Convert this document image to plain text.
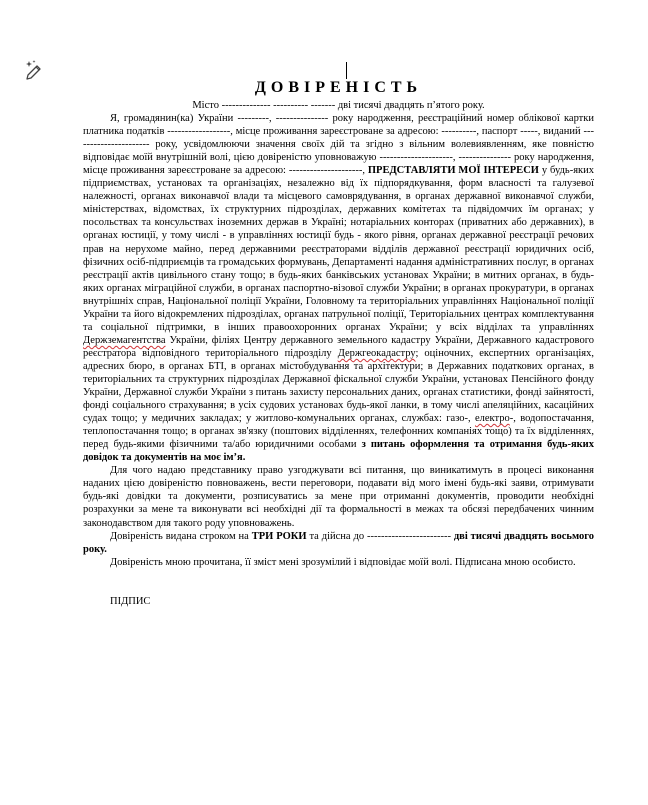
ДОВІРЕНІСТЬ
Місто -------------- ---------- ------- дві тисячі двадцять п’ятого року.

Я, громадянин(ка) України ---------, --------------- року народження, реєстраційний номер облікової картки платника податків ------------------, місце проживання зареєстроване за адресою: ----------, паспорт -----, виданий ---------------------- року, усвідомлюючи значення своїх дій та згідно з вільним волевиявленням, яке повністю відповідає моїй внутрішній волі, цією довіреністю уповноважую ---------------------, --------------- року народження, місце проживання зареєстроване за адресою: ---------------------, ПРЕДСТАВЛЯТИ МОЇ ІНТЕРЕСИ у будь-яких підприємствах, установах та організаціях, незалежно від їх підпорядкування, форм власності та галузевої належності, органах виконавчої влади та місцевого самоврядування, в органах державної виконавчої служби, міністерствах, відомствах, їх структурних підрозділах, державних комітетах та підвідомчих їм органах; у посольствах та консульствах іноземних держав в Україні; нотаріальних конторах (приватних або державних), в органах юстиції, у тому числі - в управліннях юстиції будь - якого рівня, органах державної реєстрації речових прав на нерухоме майно, перед державними реєстраторами відділів державної реєстрації юридичних осіб, фізичних осіб-підприємців та громадських формувань, Департаменті надання адміністративних послуг, в органах реєстрації актів цивільного стану тощо; в будь-яких банківських установах України; в митних органах, в будь-яких органах міграційної служби, в органах паспортно-візової служби України; в органах прокуратури, в органах внутрішніх справ, Національної поліції України, Головному та територіальних управліннях Національної поліції України та його відокремлених підрозділах, органах патрульної поліції, Територіальних центрах комплектування та соціальної підтримки, в інших правоохоронних органах України; у всіх відділах та управліннях Держземагентства України, філіях Центру державного земельного кадастру України, Державного кадастрового реєстратора відповідного територіального підрозділу Держгеокадастру; оціночних, експертних організаціях, адресних бюро, в органах БТІ, в органах містобудування та архітектури; в Державних податкових органах, в територіальних та структурних підрозділах Державної фіскальної служби України, установах Пенсійного фонду України, Державної служби України з питань захисту персональних даних, органах статистики, фонді зайнятості, фонді соціального страхування; в усіх судових установах будь-якої ланки, в тому числі апеляційних, касаційних судах тощо; у медичних закладах; у житлово-комунальних органах, службах: газо-, електро-, водопостачання, теплопостачання тощо; в органах зв'язку (поштових відділеннях, телефонних компаніях тощо) та їх відділеннях, перед будь-якими фізичними та/або юридичними особами з питань оформлення та отримання будь-яких довідок та документів на моє ім’я.

Для чого надаю представнику право узгоджувати всі питання, що виникатимуть в процесі виконання наданих цією довіреністю повноважень, вести переговори, подавати від мого імені будь-які заяви, отримувати будь-які довідки та документи, розписуватись за мене при отриманні документів, проводити необхідні розрахунки за мене та виконувати всі необхідні дії та формальності в межах та обсязі передбачених чинним законодавством для такого роду уповноважень.

Довіреність видана строком на ТРИ РОКИ та дійсна до ------------------------ дві тисячі двадцять восьмого року.

Довіреність мною прочитана, її зміст мені зрозумілий і відповідає моїй волі. Підписана мною особисто.

ПІДПИС
